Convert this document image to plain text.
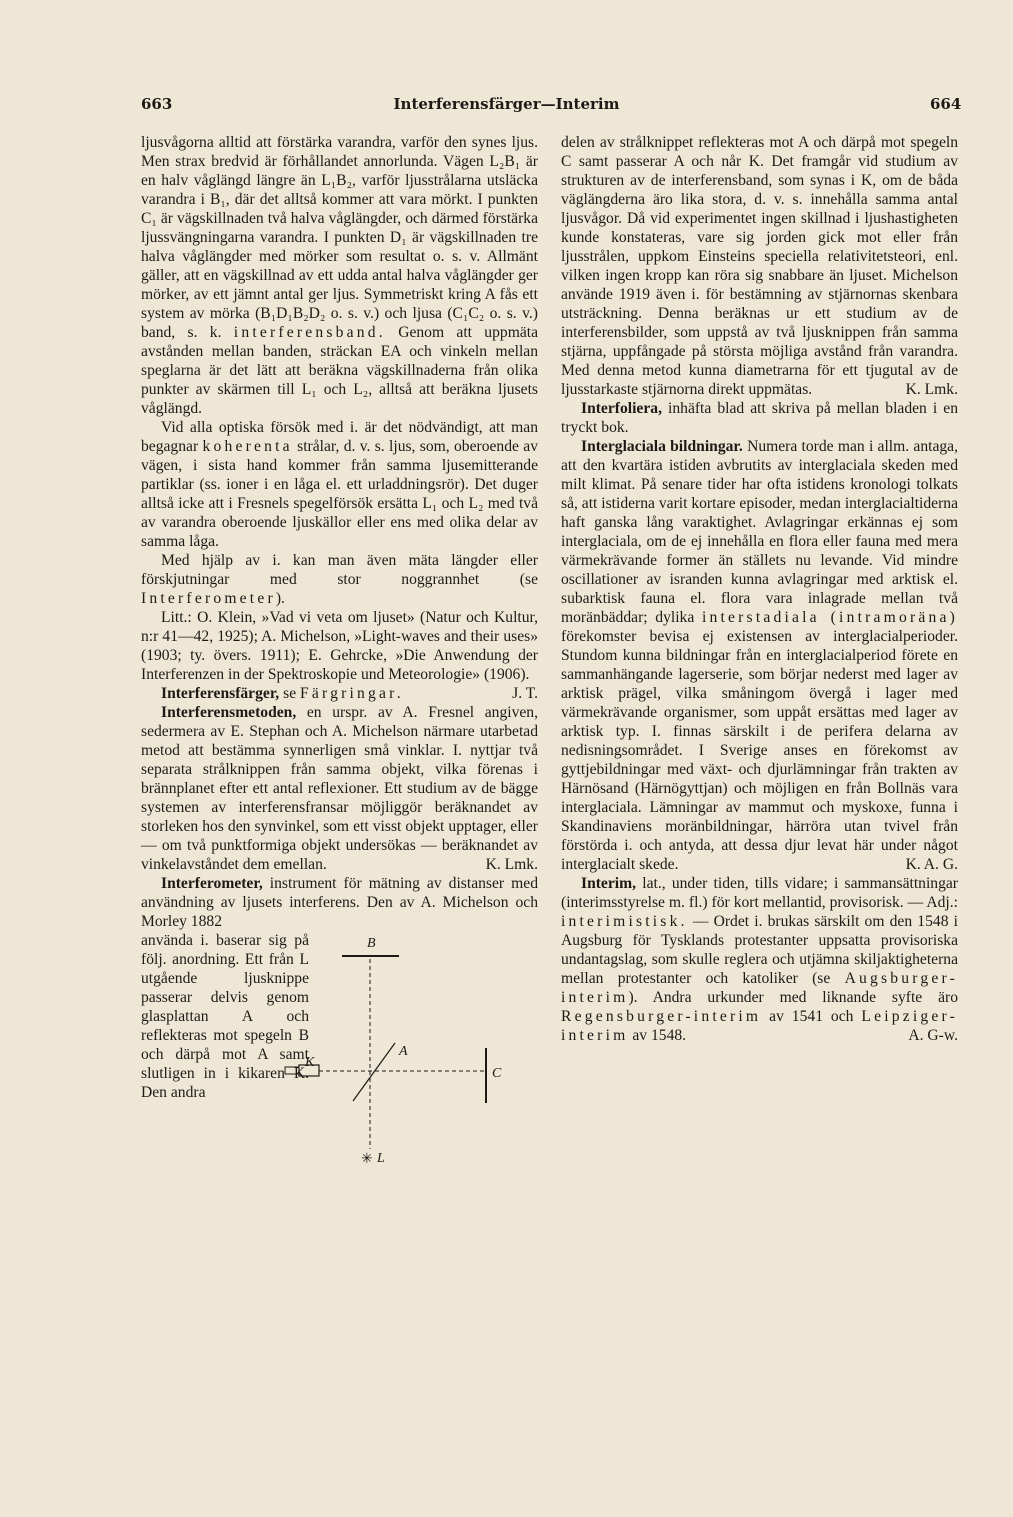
663	Interferensfärger—Interim	664

ljusvågorna alltid att förstärka varandra, varför den synes ljus. Men strax bredvid är förhållandet annorlunda. Vägen L₂B₁ är en halv våglängd längre än L₁B₂, varför ljusstrålarna utsläcka varandra i B₁, där det alltså kommer att vara mörkt. I punkten C₁ är vägskillnaden två halva våglängder, och därmed förstärka ljussvängningarna varandra. I punkten D₁ är vägskillnaden tre halva våglängder med mörker som resultat o. s. v. Allmänt gäller, att en vägskillnad av ett udda antal halva våglängder ger mörker, av ett jämnt antal ger ljus. Symmetriskt kring A fås ett system av mörka (B₁D₁B₂D₂ o. s. v.) och ljusa (C₁C₂ o. s. v.) band, s. k. interferensband. Genom att uppmäta avstånden mellan banden, sträckan EA och vinkeln mellan speglarna är det lätt att beräkna vägskillnaderna från olika punkter av skärmen till L₁ och L₂, alltså att beräkna ljusets våglängd.

Vid alla optiska försök med i. är det nödvändigt, att man begagnar koherenta strålar, d. v. s. ljus, som, oberoende av vägen, i sista hand kommer från samma ljusemitterande partiklar (ss. ioner i en låga el. ett urladdningsrör). Det duger alltså icke att i Fresnels spegelförsök ersätta L₁ och L₂ med två av varandra oberoende ljuskällor eller ens med olika delar av samma låga.

Med hjälp av i. kan man även mäta längder eller förskjutningar med stor noggrannhet (se Interferometer).

Litt.: O. Klein, »Vad vi veta om ljuset» (Natur och Kultur, n:r 41—42, 1925); A. Michelson, »Light-waves and their uses» (1903; ty. övers. 1911); E. Gehrcke, »Die Anwendung der Interferenzen in der Spektroskopie und Meteorologie» (1906).
J. T.

Interferensfärger, se Färgringar.

Interferensmetoden, en urspr. av A. Fresnel angiven, sedermera av E. Stephan och A. Michelson närmare utarbetad metod att bestämma synnerligen små vinklar. I. nyttjar två separata strålknippen från samma objekt, vilka förenas i brännplanet efter ett antal reflexioner. Ett studium av de bägge systemen av interferensfransar möjliggör beräknandet av storleken hos den synvinkel, som ett visst objekt upptager, eller — om två punktformiga objekt undersökas — beräknandet av vinkelavståndet dem emellan.	K. Lmk.

Interferometer, instrument för mätning av distanser med användning av ljusets interferens. Den av A. Michelson och Morley 1882

använda i. baserar sig på följ. anordning. Ett från L utgående ljusknippe passerar delvis genom glasplattan A och reflekteras mot spegeln B och därpå mot A samt slutligen in i kikaren K. Den andra

B
A
K
C
✳ L

delen av strålknippet reflekteras mot A och därpå mot spegeln C samt passerar A och når K. Det framgår vid studium av strukturen av de interferensband, som synas i K, om de båda väglängderna äro lika stora, d. v. s. innehålla samma antal ljusvågor. Då vid experimentet ingen skillnad i ljushastigheten kunde konstateras, vare sig jorden gick mot eller från ljusstrålen, uppkom Einsteins speciella relativitetsteori, enl. vilken ingen kropp kan röra sig snabbare än ljuset. Michelson använde 1919 även i. för bestämning av stjärnornas skenbara utsträckning. Denna beräknas ur ett studium av de interferensbilder, som uppstå av två ljusknippen från samma stjärna, uppfångade på största möjliga avstånd från varandra. Med denna metod kunna diametrarna för ett tjugutal av de ljusstarkaste stjärnorna direkt uppmätas.	K. Lmk.

Interfoliera, inhäfta blad att skriva på mellan bladen i en tryckt bok.

Interglaciala bildningar. Numera torde man i allm. antaga, att den kvartära istiden avbrutits av interglaciala skeden med milt klimat. På senare tider har ofta istidens kronologi tolkats så, att istiderna varit kortare episoder, medan interglacialtiderna haft ganska lång varaktighet. Avlagringar erkännas ej som interglaciala, om de ej innehålla en flora eller fauna med mera värmekrävande former än ställets nu levande. Vid mindre oscillationer av isranden kunna avlagringar med arktisk el. subarktisk fauna el. flora vara inlagrade mellan två moränbäddar; dylika interstadiala (intramoräna) förekomster bevisa ej existensen av interglacialperioder. Stundom kunna bildningar från en interglacialperiod förete en sammanhängande lagerserie, som börjar nederst med lager av arktisk prägel, vilka småningom övergå i lager med värmekrävande organismer, som uppåt ersättas med lager av arktisk typ. I. finnas särskilt i de perifera delarna av nedisningsområdet. I Sverige anses en förekomst av gyttjebildningar med växt- och djurlämningar från trakten av Härnösand (Härnögyttjan) och möjligen en från Bollnäs vara interglaciala. Lämningar av mammut och myskoxe, funna i Skandinaviens moränbildningar, härröra utan tvivel från förstörda i. och antyda, att dessa djur levat här under något interglacialt skede.	K. A. G.

Interim, lat., under tiden, tills vidare; i sammansättningar (interimsstyrelse m. fl.) för kort mellantid, provisorisk. — Adj.: interimistisk. — Ordet i. brukas särskilt om den 1548 i Augsburg för Tysklands protestanter uppsatta provisoriska undantagslag, som skulle reglera och utjämna skiljaktigheterna mellan protestanter och katoliker (se Augsburger-interim). Andra urkunder med liknande syfte äro Regensburger-interim av 1541 och Leipziger-interim av 1548.	A. G-w.
